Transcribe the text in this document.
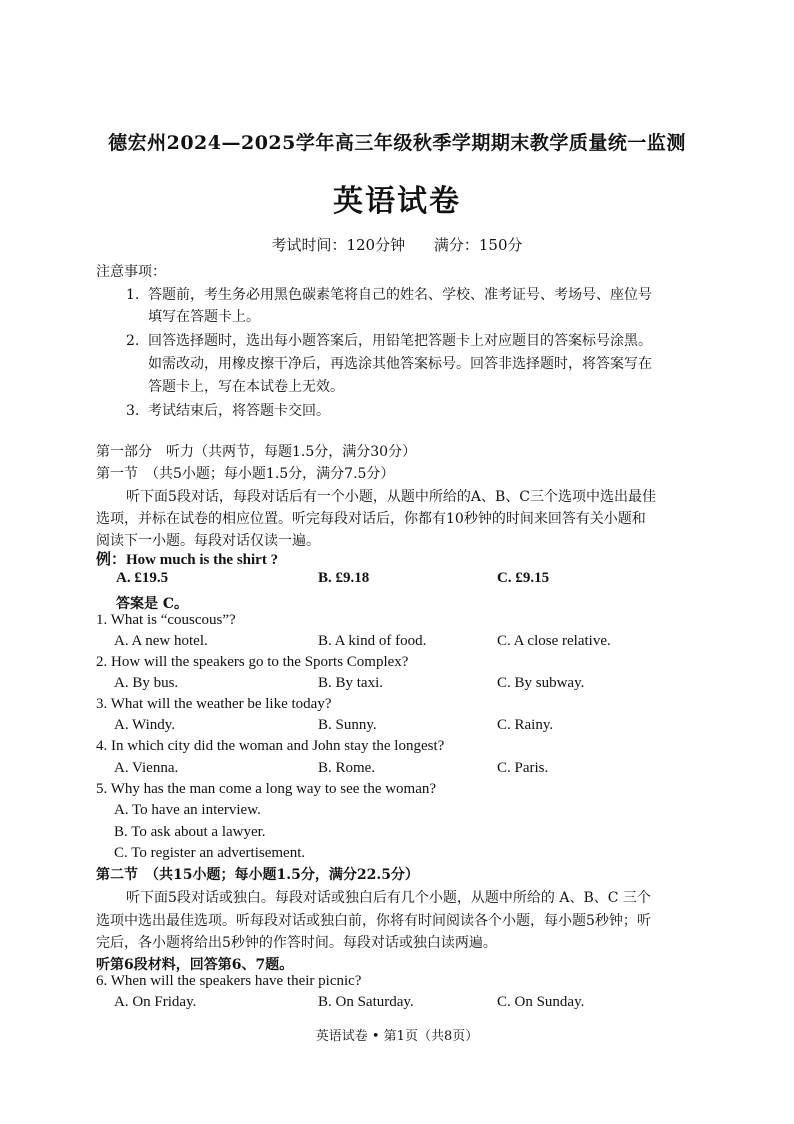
德宏州2024—2025学年高三年级秋季学期期末教学质量统一监测
英语试卷
考试时间：120分钟 满分：150分
注意事项：
1. 答题前，考生务必用黑色碳素笔将自己的姓名、学校、准考证号、考场号、座位号
填写在答题卡上。
2. 回答选择题时，选出每小题答案后，用铅笔把答题卡上对应题目的答案标号涂黑。
如需改动，用橡皮擦干净后，再选涂其他答案标号。回答非选择题时，将答案写在
答题卡上，写在本试卷上无效。
3. 考试结束后，将答题卡交回。
第一部分　听力（共两节，每题1.5分，满分30分）
第一节　（共5小题；每小题1.5分，满分7.5分）
听下面5段对话，每段对话后有一个小题，从题中所给的A、B、C三个选项中选出最佳
选项，并标在试卷的相应位置。听完每段对话后，你都有10秒钟的时间来回答有关小题和
阅读下一小题。每段对话仅读一遍。
例：How much is the shirt ?
A. £19.5	B. £9.18	C. £9.15
答案是 C。
1. What is “couscous”?
A. A new hotel.	B. A kind of food.	C. A close relative.
2. How will the speakers go to the Sports Complex?
A. By bus.	B. By taxi.	C. By subway.
3. What will the weather be like today?
A. Windy.	B. Sunny.	C. Rainy.
4. In which city did the woman and John stay the longest?
A. Vienna.	B. Rome.	C. Paris.
5. Why has the man come a long way to see the woman?
A. To have an interview.
B. To ask about a lawyer.
C. To register an advertisement.
第二节　（共15小题；每小题1.5分，满分22.5分）
听下面5段对话或独白。每段对话或独白后有几个小题，从题中所给的 A、B、C 三个
选项中选出最佳选项。听每段对话或独白前，你将有时间阅读各个小题，每小题5秒钟；听
完后，各小题将给出5秒钟的作答时间。每段对话或独白读两遍。
听第6段材料，回答第6、7题。
6. When will the speakers have their picnic?
A. On Friday.	B. On Saturday.	C. On Sunday.
英语试卷 • 第1页（共8页）
